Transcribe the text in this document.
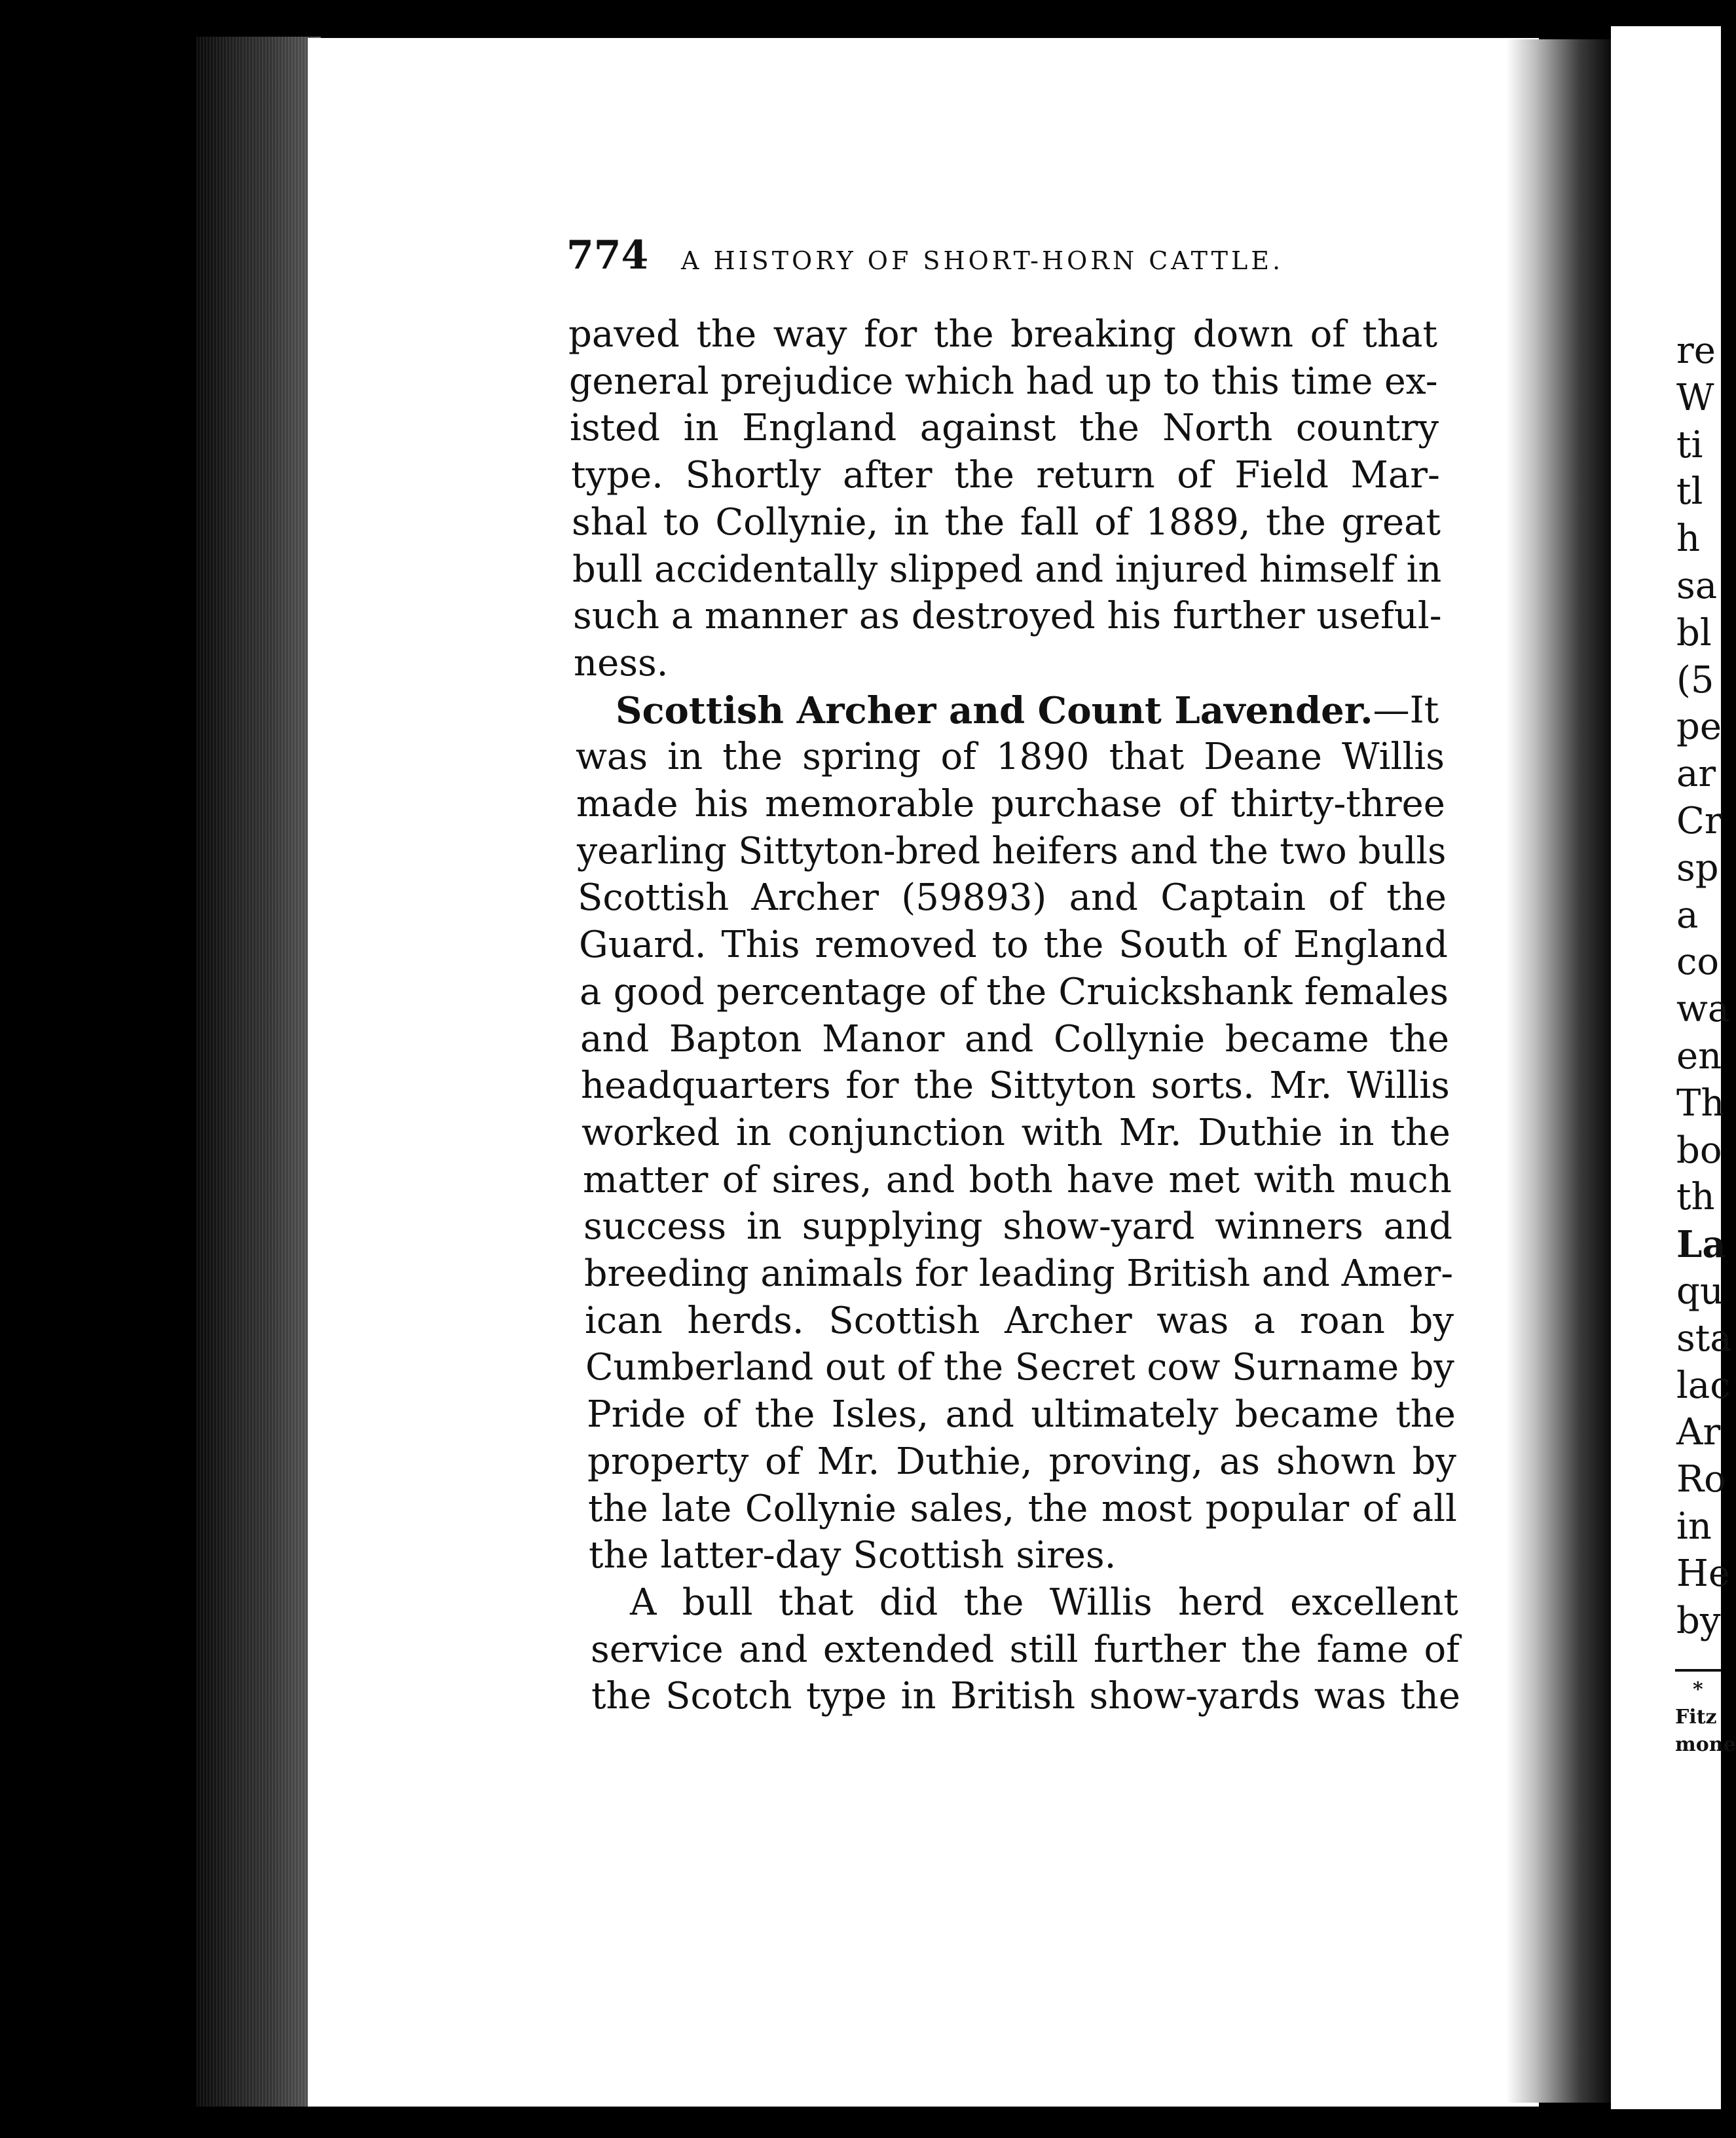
774 A HISTORY OF SHORT-HORN CATTLE.
paved the way for the breaking down of that
general prejudice which had up to this time ex-
isted in England against the North country
type. Shortly after the return of Field Mar-
shal to Collynie, in the fall of 1889, the great
bull accidentally slipped and injured himself in
such a manner as destroyed his further useful-
ness.
Scottish Archer and Count Lavender. —It
was in the spring of 1890 that Deane Willis
made his memorable purchase of thirty-three
yearling Sittyton-bred heifers and the two bulls
Scottish Archer (59893) and Captain of the
Guard. This removed to the South of England
a good percentage of the Cruickshank females
and Bapton Manor and Collynie became the
headquarters for the Sittyton sorts. Mr. Willis
worked in conjunction with Mr. Duthie in the
matter of sires, and both have met with much
success in supplying show-yard winners and
breeding animals for leading British and Amer-
ican herds. Scottish Archer was a roan by
Cumberland out of the Secret cow Surname by
Pride of the Isles, and ultimately became the
property of Mr. Duthie, proving, as shown by
the late Collynie sales, the most popular of all
the latter-day Scottish sires.
A bull that did the Willis herd excellent
service and extended still further the fame of
the Scotch type in British show-yards was the
re
W
ti
tl
h
sa
bl
(5
pe
ar
Cr
sp
a
co
wa
en
Th
bo
th
La
qu
sta
lac
Ar
Ro
in
He
by
*
Fitz
mone
